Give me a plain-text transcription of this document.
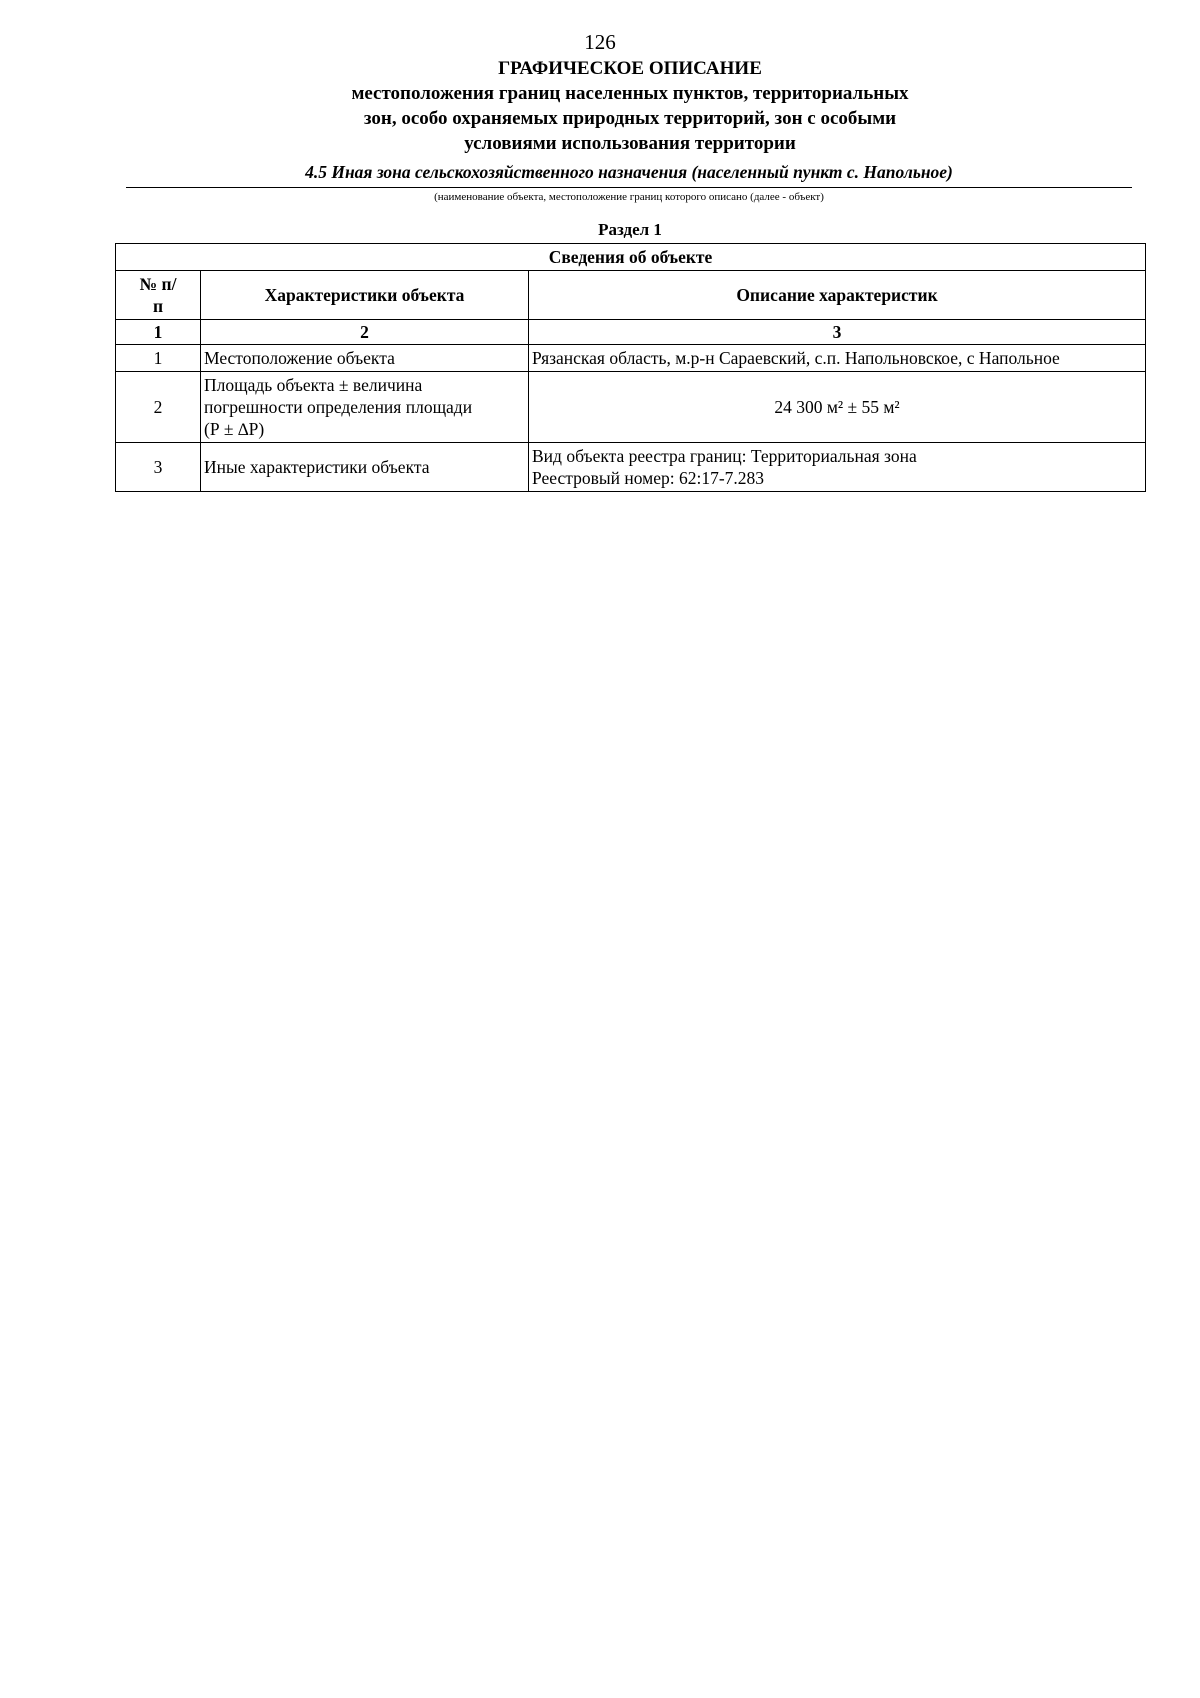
126
ГРАФИЧЕСКОЕ ОПИСАНИЕ
местоположения границ населенных пунктов, территориальных
зон, особо охраняемых природных территорий, зон с особыми
условиями использования территории
4.5 Иная зона сельскохозяйственного назначения (населенный пункт с. Напольное)
(наименование объекта, местоположение границ которого описано (далее - объект)
Раздел 1
Сведения об объекте		
№ п/п	Характеристики объекта	Описание характеристик
1	2	3
1	Местоположение объекта	Рязанская область, м.р-н Сараевский, с.п. Напольновское, с Напольное

2	Площадь объекта ± величина
погрешности определения площади
(Р ± ∆Р)	24 300 м² ± 55 м²

3	Иные характеристики объекта	Вид объекта реестра границ: Территориальная зона
Реестровый номер: 62:17-7.283
